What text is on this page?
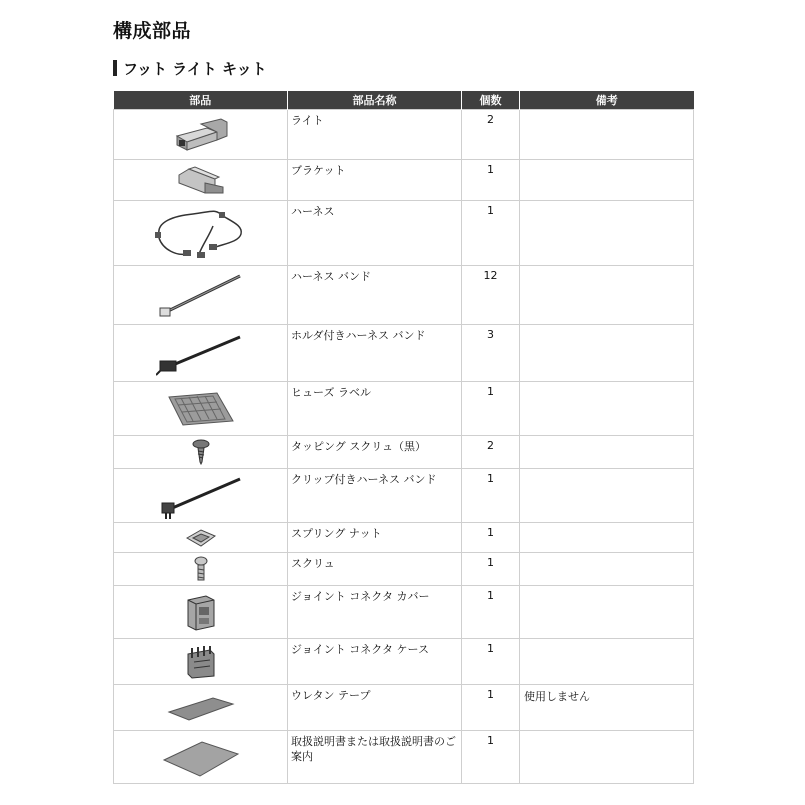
構成部品
フット ライト キット
部品	部品名称	個数	備考

	ライト	2	

	ブラケット	1	

	ハーネス	1	

	ハーネス バンド	12	

	ホルダ付きハーネス バンド	3	

	ヒューズ ラベル	1	

	タッピング スクリュ（黒）	2	

	クリップ付きハーネス バンド	1	

	スプリング ナット	1	

	スクリュ	1	

	ジョイント コネクタ カバー	1	

	ジョイント コネクタ ケース	1	

	ウレタン テープ	1	使用しません

	取扱説明書または取扱説明書のご案内	1	
